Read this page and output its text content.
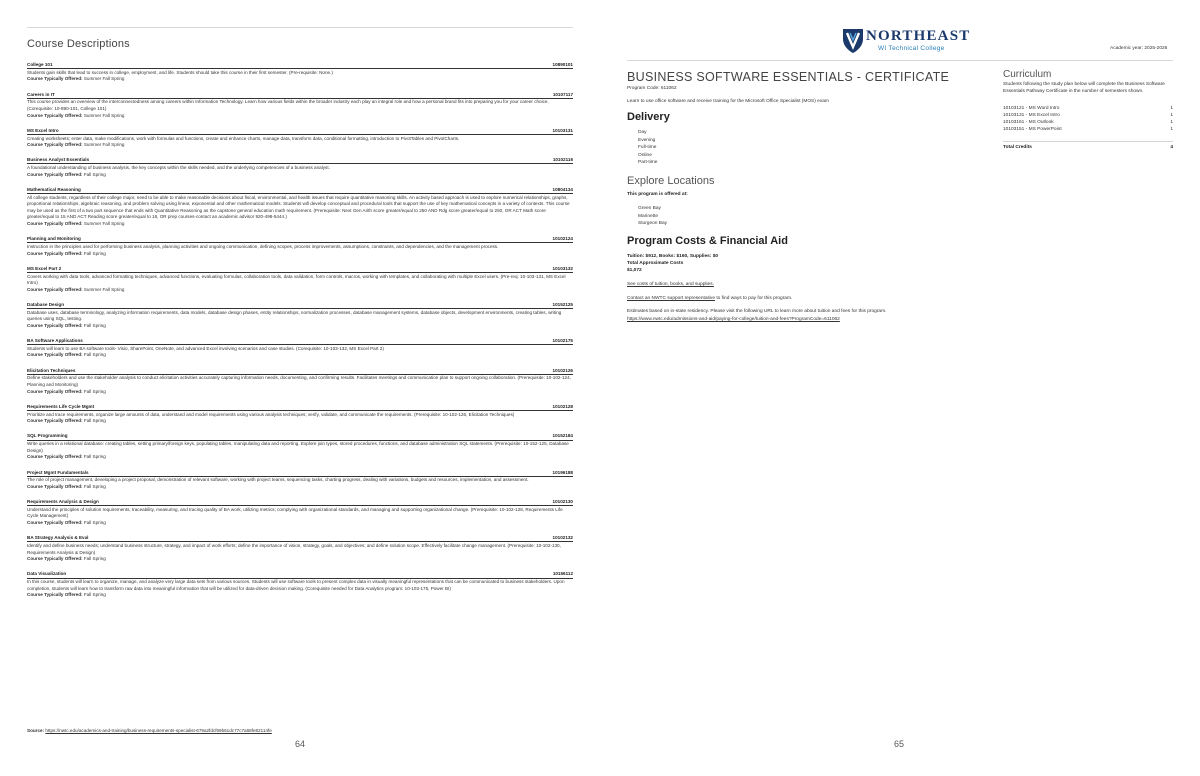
Course Descriptions
College 101	10890101
Students gain skills that lead to success in college, employment, and life. Students should take this course in their first semester. (Pre-requisite: None.)
Course Typically Offered: Summer Fall Spring
Careers in IT	10107117
This course provides an overview of the interconnectedness among careers within Information Technology. Learn how various fields within the broader industry each play an integral role and how a personal brand fits into preparing you for your career choice. (Corequisite: 10-890-101, College 101)
Course Typically Offered: Summer Fall Spring
MS Excel Intro	10103131
Creating worksheets; enter data, make modifications, work with formulas and functions, create and enhance charts, manage data, transform data, conditional formatting, introduction to PivotTables and PivotCharts.
Course Typically Offered: Summer Fall Spring
Business Analyst Essentials	10102116
A foundational understanding of business analysis, the key concepts within the skills needed, and the underlying competencies of a business analyst.
Course Typically Offered: Fall Spring
Mathematical Reasoning	10804134
All college students, regardless of their college major, need to be able to make reasonable decisions about fiscal, environmental, and health issues that require quantitative reasoning skills. An activity based approach is used to explore numerical relationships, graphs, proportional relationships, algebraic reasoning, and problem solving using linear, exponential and other mathematical models. Students will develop conceptual and procedural tools that support the use of key mathematical concepts in a variety of contexts. This course may be used as the first of a two part sequence that ends with Quantitative Reasoning as the capstone general education math requirement. (Prerequisite: Next Gen Arith score greater/equal to 250 AND Rdg score greater/equal to 250, OR ACT Math score greater/equal to 15 AND ACT Reading score greater/equal to 16, OR prep courses-contact an academic advisor 920-498-5444.)
Course Typically Offered: Summer Fall Spring
Planning and Monitoring	10102124
Instruction in the principles used for performing business analysis, planning activities and ongoing communication, defining scopes, process improvements, assumptions, constraints, and dependencies, and the management process.
Course Typically Offered: Fall Spring
MS Excel Part 2	10103132
Covers working with data tools, advanced formatting techniques, advanced functions, evaluating formulas, collaboration tools, data validation, form controls, macros, working with templates, and collaborating with multiple Excel users. (Pre-req: 10-103-131, MS Excel Intro)
Course Typically Offered: Summer Fall Spring
Database Design	10152125
Database uses, database terminology, analyzing information requirements, data models, database design phases, entity relationships, normalization processes, database management systems, database objects, development environments, creating tables, writing queries using SQL, testing.
Course Typically Offered: Fall Spring
BA Software Applications	10102175
Students will learn to use BA software tools- Visio, SharePoint, OneNote, and advanced Excel involving scenarios and case studies. (Corequisite: 10-103-132, MS Excel Part 2)
Course Typically Offered: Fall Spring
Elicitation Techniques	10102126
Define stakeholders and use the stakeholder analysis to conduct elicitation activities accurately capturing information needs, documenting, and confirming results. Facilitates meetings and communication plan to support ongoing collaboration. (Prerequisite: 10-102-124, Planning and Monitoring)
Course Typically Offered: Fall Spring
Requirements Life Cycle Mgmt	10102128
Prioritize and trace requirements, organize large amounts of data, understand and model requirements using various analysis techniques; verify, validate, and communicate the requirements. (Prerequisite: 10-102-126, Elicitation Techniques)
Course Typically Offered: Fall Spring
SQL Programming	10152184
Write queries in a relational database: creating tables, setting primary/foreign keys, populating tables, manipulating data and reporting. Explore join types, stored procedures, functions, and database administration SQL statements. (Prerequisite: 10-152-125, Database Design)
Course Typically Offered: Fall Spring
Project Mgmt Fundamentals	10196188
The role of project management, developing a project proposal, demonstration of relevant software, working with project teams, sequencing tasks, charting progress, dealing with variations, budgets and resources, implementation, and assessment.
Course Typically Offered: Fall Spring
Requirements Analysis & Design	10102130
Understand the principles of solution requirements, traceability, measuring, and tracing quality of BA work, utilizing metrics; complying with organizational standards, and managing and supporting organizational change. (Prerequisite: 10-102-128, Requirements Life Cycle Management)
Course Typically Offered: Fall Spring
BA Strategy Analysis & Eval	10102132
Identify and define business needs; understand business structure, strategy, and impact of work efforts; define the importance of vision, strategy, goals, and objectives; and define solution scope. Effectively facilitate change management. (Prerequisite: 10-102-130, Requirements Analysis & Design)
Course Typically Offered: Fall Spring
Data Visualization	10156112
In this course, students will learn to organize, manage, and analyze very large data sets from various sources. Students will use software tools to present complex data in visually meaningful representations that can be communicated to business stakeholders. Upon completion, students will learn how to transform raw data into meaningful information that will be utilized for data-driven decision making. (Corequisite needed for Data Analytics program: 10-103-175, Power BI)
Course Typically Offered: Fall Spring
Source: https://nwtc.edu/academics-and-training/business-requirements-specialist-679a2fdcf69b61dc77c7a68fe82114fe
64
NORTHEAST
WI Technical College	Academic year: 2025-2026
BUSINESS SOFTWARE ESSENTIALS - CERTIFICATE
Program Code: 611062
Learn to use office software and receive training for the Microsoft Office Specialist (MOS) exam
Delivery
Day
Evening
Full-time
Online
Part-time
Explore Locations
This program is offered at:
Green Bay
Marinette
Sturgeon Bay
Program Costs & Financial Aid
Tuition: $912, Books: $160, Supplies: $0
Total Approximate Costs
$1,072
See costs of tuition, books, and supplies.
Contact an NWTC support representative to find ways to pay for this program.
Estimates based on in-state residency. Please visit the following URL to learn more about tuition and fees for this program.
https://www.nwtc.edu/admissions-and-aid/paying-for-college/tuition-and-fees?ProgramCode=611062
Curriculum
Students following the study plan below will complete the Business Software Essentials Pathway Certificate in the number of semesters shown.
10103121 - MS Word Intro	1
10103131 - MS Excel Intro	1
10103161 - MS Outlook	1
10103151 - MS PowerPoint	1
Total Credits	4
65
